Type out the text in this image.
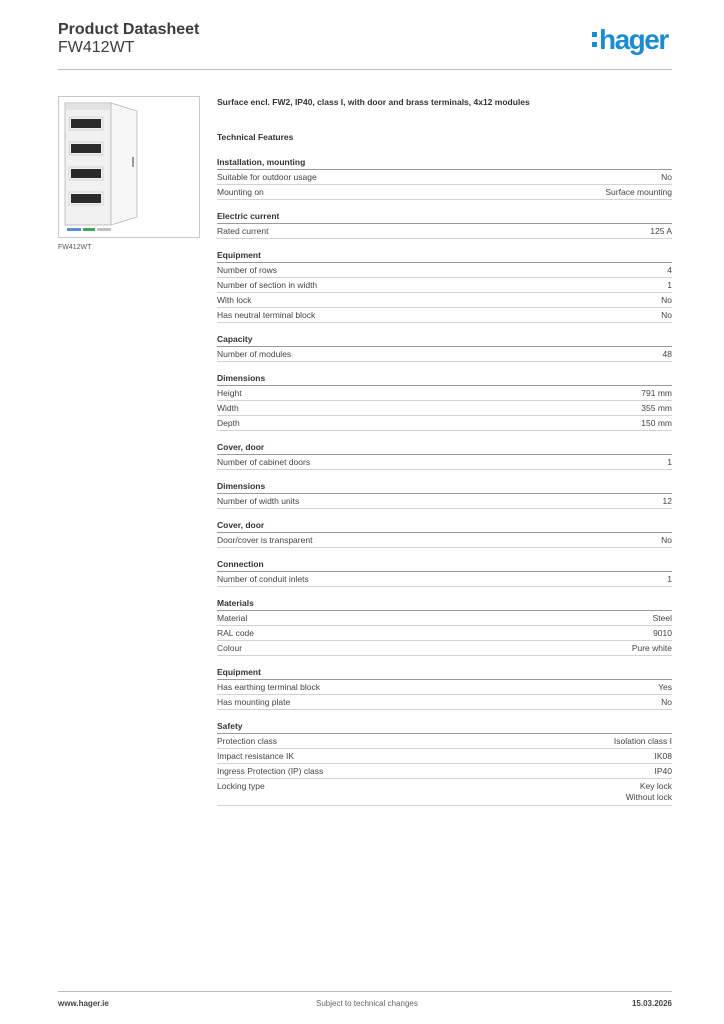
Product Datasheet
FW412WT	hager
FW412WT
Surface encl. FW2, IP40, class I, with door and brass terminals, 4x12 modules
Technical Features
Installation, mounting
Suitable for outdoor usage	No
Mounting on	Surface mounting
Electric current
Rated current	125 A
Equipment
Number of rows	4
Number of section in width	1
With lock	No
Has neutral terminal block	No
Capacity
Number of modules	48
Dimensions
Height	791 mm
Width	355 mm
Depth	150 mm
Cover, door
Number of cabinet doors	1
Dimensions
Number of width units	12
Cover, door
Door/cover is transparent	No
Connection
Number of conduit inlets	1
Materials
Material	Steel
RAL code	9010
Colour	Pure white
Equipment
Has earthing terminal block	Yes
Has mounting plate	No
Safety
Protection class	Isolation class I
Impact resistance IK	IK08
Ingress Protection (IP) class	IP40
Locking type	Key lock
Without lock
www.hager.ie	Subject to technical changes	15.03.2026
